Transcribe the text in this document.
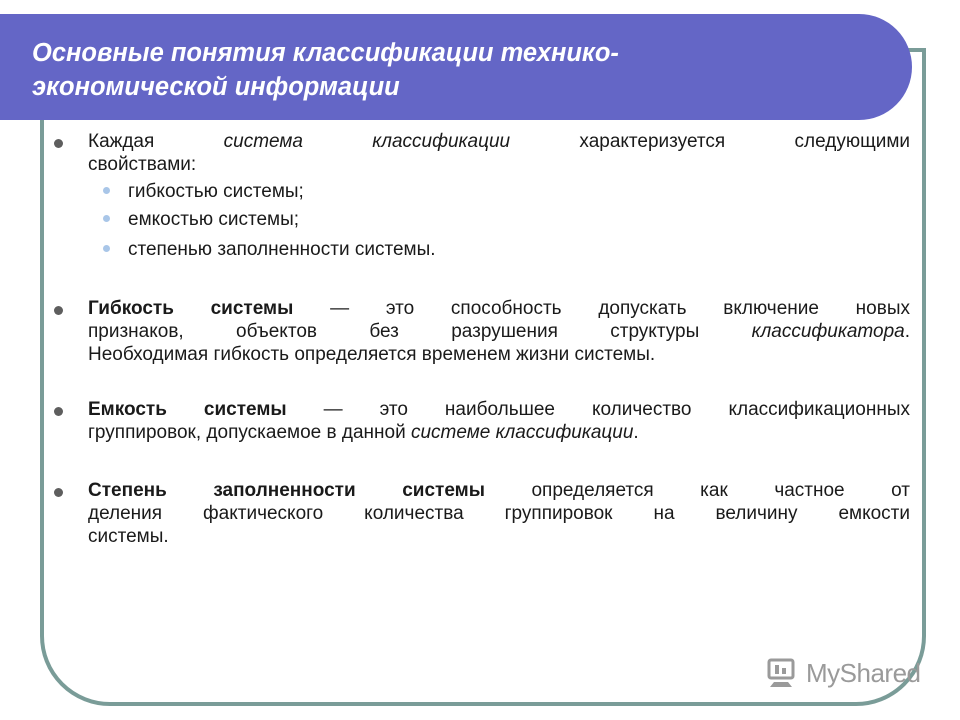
Основные понятия классификации технико-
экономической информации
Каждая	система классификации	характеризуется следующими
свойствами:

гибкостью системы;

емкостью системы;

степенью заполненности системы.

Гибкость системы — это способность допускать включение новых
признаков, объектов без разрушения структуры	классификатора.
Необходимая гибкость определяется временем жизни системы.
Емкость системы — это наибольшее количество классификационных
группировок, допускаемое в данной системе классификации.
Степень заполненности системы определяется как частное от
деления фактического количества группировок на величину емкости
системы.
MyShared
